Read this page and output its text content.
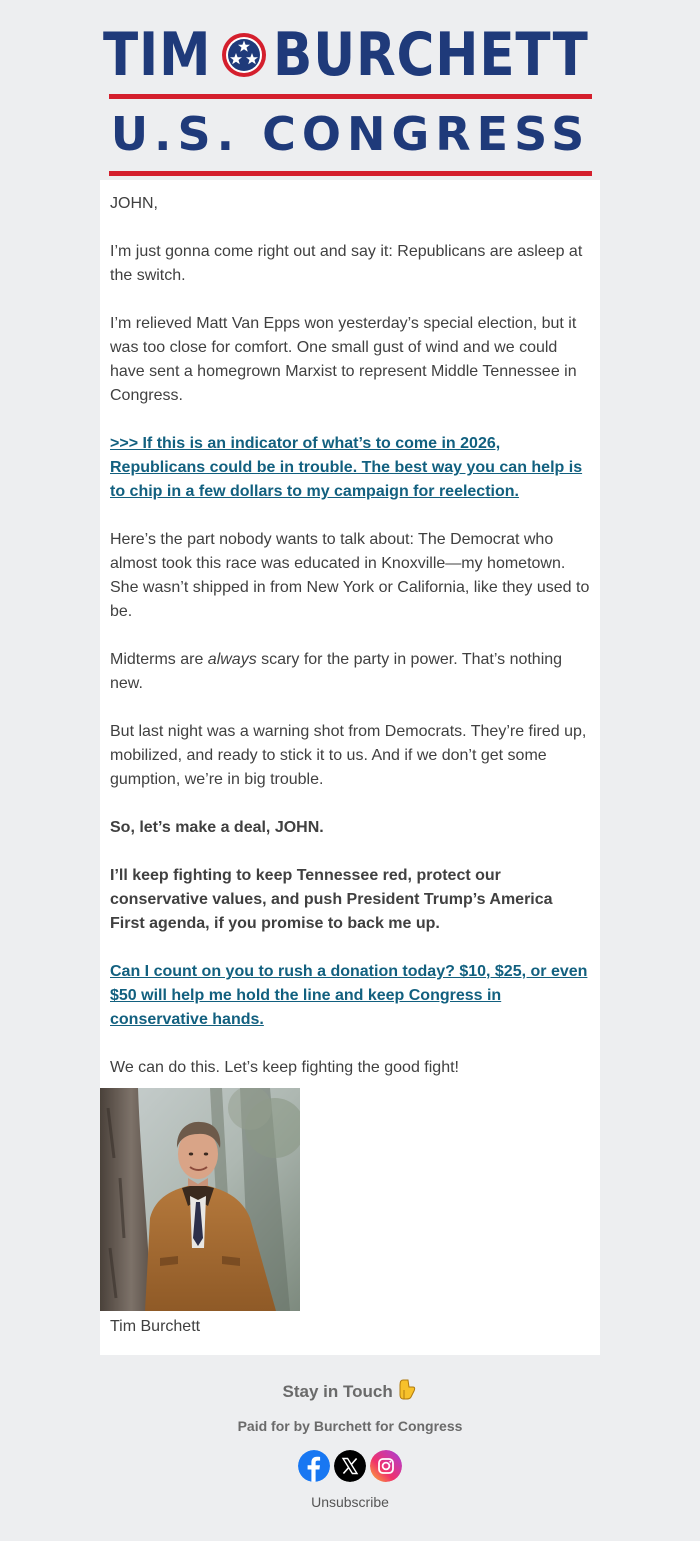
TIM BURCHETT
U.S. CONGRESS

JOHN,

I’m just gonna come right out and say it: Republicans are asleep at the switch.

I’m relieved Matt Van Epps won yesterday’s special election, but it was too close for comfort. One small gust of wind and we could have sent a homegrown Marxist to represent Middle Tennessee in Congress.

>>> If this is an indicator of what’s to come in 2026, Republicans could be in trouble. The best way you can help is to chip in a few dollars to my campaign for reelection.

Here’s the part nobody wants to talk about: The Democrat who almost took this race was educated in Knoxville—my hometown. She wasn’t shipped in from New York or California, like they used to be.

Midterms are always scary for the party in power. That’s nothing new.

But last night was a warning shot from Democrats. They’re fired up, mobilized, and ready to stick it to us. And if we don’t get some gumption, we’re in big trouble.

So, let’s make a deal, JOHN.

I’ll keep fighting to keep Tennessee red, protect our conservative values, and push President Trump’s America First agenda, if you promise to back me up.

Can I count on you to rush a donation today? $10, $25, or even $50 will help me hold the line and keep Congress in conservative hands.

We can do this. Let’s keep fighting the good fight!

Tim Burchett
Stay in Touch
Paid for by Burchett for Congress
Unsubscribe
